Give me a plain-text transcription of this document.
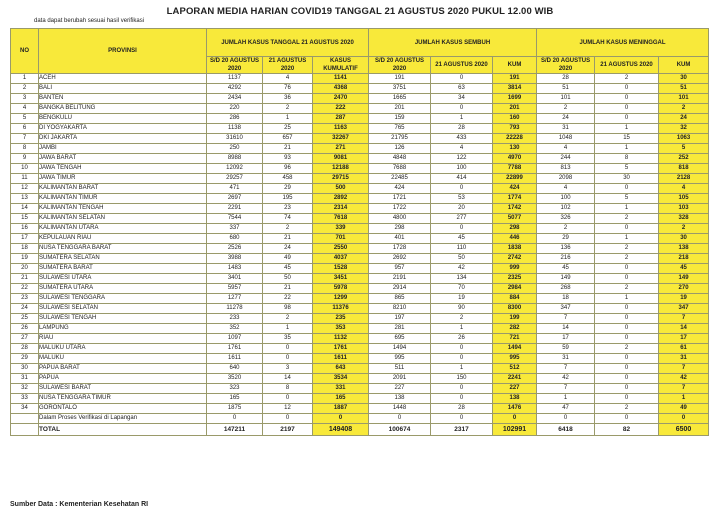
LAPORAN MEDIA HARIAN COVID19 TANGGAL 21 AGUSTUS 2020 PUKUL 12.00 WIB
data dapat berubah sesuai hasil verifikasi
NO	PROVINSI	JUMLAH KASUS TANGGAL 21 AGUSTUS 2020			JUMLAH KASUS SEMBUH			JUMLAH KASUS MENINGGAL		
		S/D 20 AGUSTUS 2020	21 AGUSTUS 2020	KASUS KUMULATIF	S/D 20 AGUSTUS 2020	21 AGUSTUS 2020	KUM	S/D 20 AGUSTUS 2020	21 AGUSTUS 2020	KUM
1	ACEH	1137	4	1141	191	0	191	28	2	30
2	BALI	4292	76	4368	3751	63	3814	51	0	51
3	BANTEN	2434	36	2470	1665	34	1699	101	0	101
4	BANGKA BELITUNG	220	2	222	201	0	201	2	0	2
5	BENGKULU	286	1	287	159	1	160	24	0	24
6	DI YOGYAKARTA	1138	25	1163	765	28	793	31	1	32
7	DKI JAKARTA	31610	657	32267	21795	433	22228	1048	15	1063
8	JAMBI	250	21	271	126	4	130	4	1	5
9	JAWA BARAT	8988	93	9081	4848	122	4970	244	8	252
10	JAWA TENGAH	12092	96	12188	7688	100	7788	813	5	818
11	JAWA TIMUR	29257	458	29715	22485	414	22899	2098	30	2128
12	KALIMANTAN BARAT	471	29	500	424	0	424	4	0	4
13	KALIMANTAN TIMUR	2697	195	2892	1721	53	1774	100	5	105
14	KALIMANTAN TENGAH	2291	23	2314	1722	20	1742	102	1	103
15	KALIMANTAN SELATAN	7544	74	7618	4800	277	5077	326	2	328
16	KALIMANTAN UTARA	337	2	339	298	0	298	2	0	2
17	KEPULAUAN RIAU	680	21	701	401	45	446	29	1	30
18	NUSA TENGGARA BARAT	2526	24	2550	1728	110	1838	136	2	138
19	SUMATERA SELATAN	3988	49	4037	2692	50	2742	216	2	218
20	SUMATERA BARAT	1483	45	1528	957	42	999	45	0	45
21	SULAWESI UTARA	3401	50	3451	2191	134	2325	149	0	149
22	SUMATERA UTARA	5957	21	5978	2914	70	2984	268	2	270
23	SULAWESI TENGGARA	1277	22	1299	865	19	884	18	1	19
24	SULAWESI SELATAN	11278	98	11376	8210	90	8300	347	0	347
25	SULAWESI TENGAH	233	2	235	197	2	199	7	0	7
26	LAMPUNG	352	1	353	281	1	282	14	0	14
27	RIAU	1097	35	1132	695	26	721	17	0	17
28	MALUKU UTARA	1761	0	1761	1494	0	1494	59	2	61
29	MALUKU	1611	0	1611	995	0	995	31	0	31
30	PAPUA BARAT	640	3	643	511	1	512	7	0	7
31	PAPUA	3520	14	3534	2091	150	2241	42	0	42
32	SULAWESI BARAT	323	8	331	227	0	227	7	0	7
33	NUSA TENGGARA TIMUR	165	0	165	138	0	138	1	0	1
34	GORONTALO	1875	12	1887	1448	28	1476	47	2	49
	Dalam Proses Verifikasi di Lapangan	0	0	0	0	0	0	0	0	0
	TOTAL	147211	2197	149408	100674	2317	102991	6418	82	6500
Sumber Data : Kementerian Kesehatan RI
